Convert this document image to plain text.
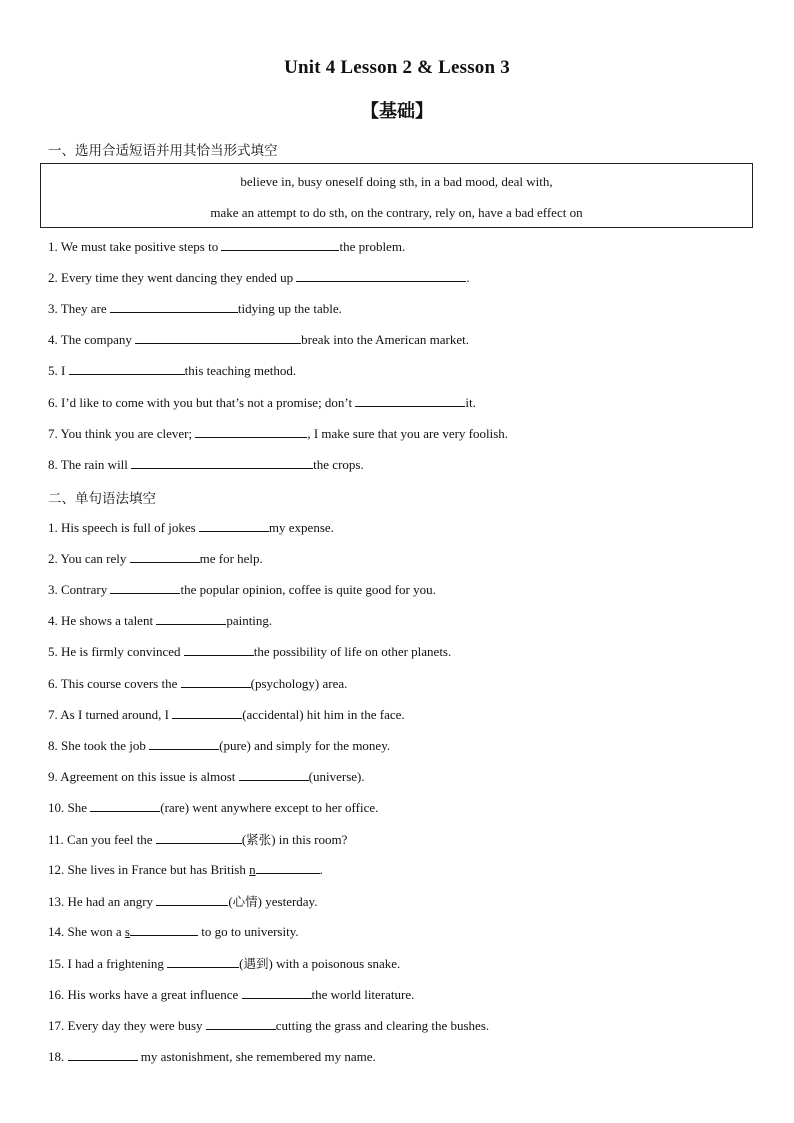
Unit 4 Lesson 2 & Lesson 3
【基础】
一、选用合适短语并用其恰当形式填空
believe in, busy oneself doing sth, in a bad mood, deal with,
make an attempt to do sth, on the contrary, rely on, have a bad effect on
1. We must take positive steps to	the problem.
2. Every time they went dancing they ended up	.
3. They are	tidying up the table.
4. The company	break into the American market.
5. I	this teaching method.
6. I’d like to come with you but that’s not a promise; don’t	it.
7. You think you are clever;	, I make sure that you are very foolish.
8. The rain will	the crops.
二、单句语法填空
1. His speech is full of jokes	my expense.
2. You can rely	me for help.
3. Contrary	the popular opinion, coffee is quite good for you.
4. He shows a talent	painting.
5. He is firmly convinced	the possibility of life on other planets.
6. This course covers the	(psychology) area.
7. As I turned around, I	(accidental) hit him in the face.
8. She took the job	(pure) and simply for the money.
9. Agreement on this issue is almost	(universe).
10. She	(rare) went anywhere except to her office.
11. Can you feel the	(紧张) in this room?
12. She lives in France but has British n	.
13. He had an angry	(心情) yesterday.
14. She won a s	to go to university.
15. I had a frightening	(遇到) with a poisonous snake.
16. His works have a great influence	the world literature.
17. Every day they were busy	cutting the grass and clearing the bushes.
18.	my astonishment, she remembered my name.
